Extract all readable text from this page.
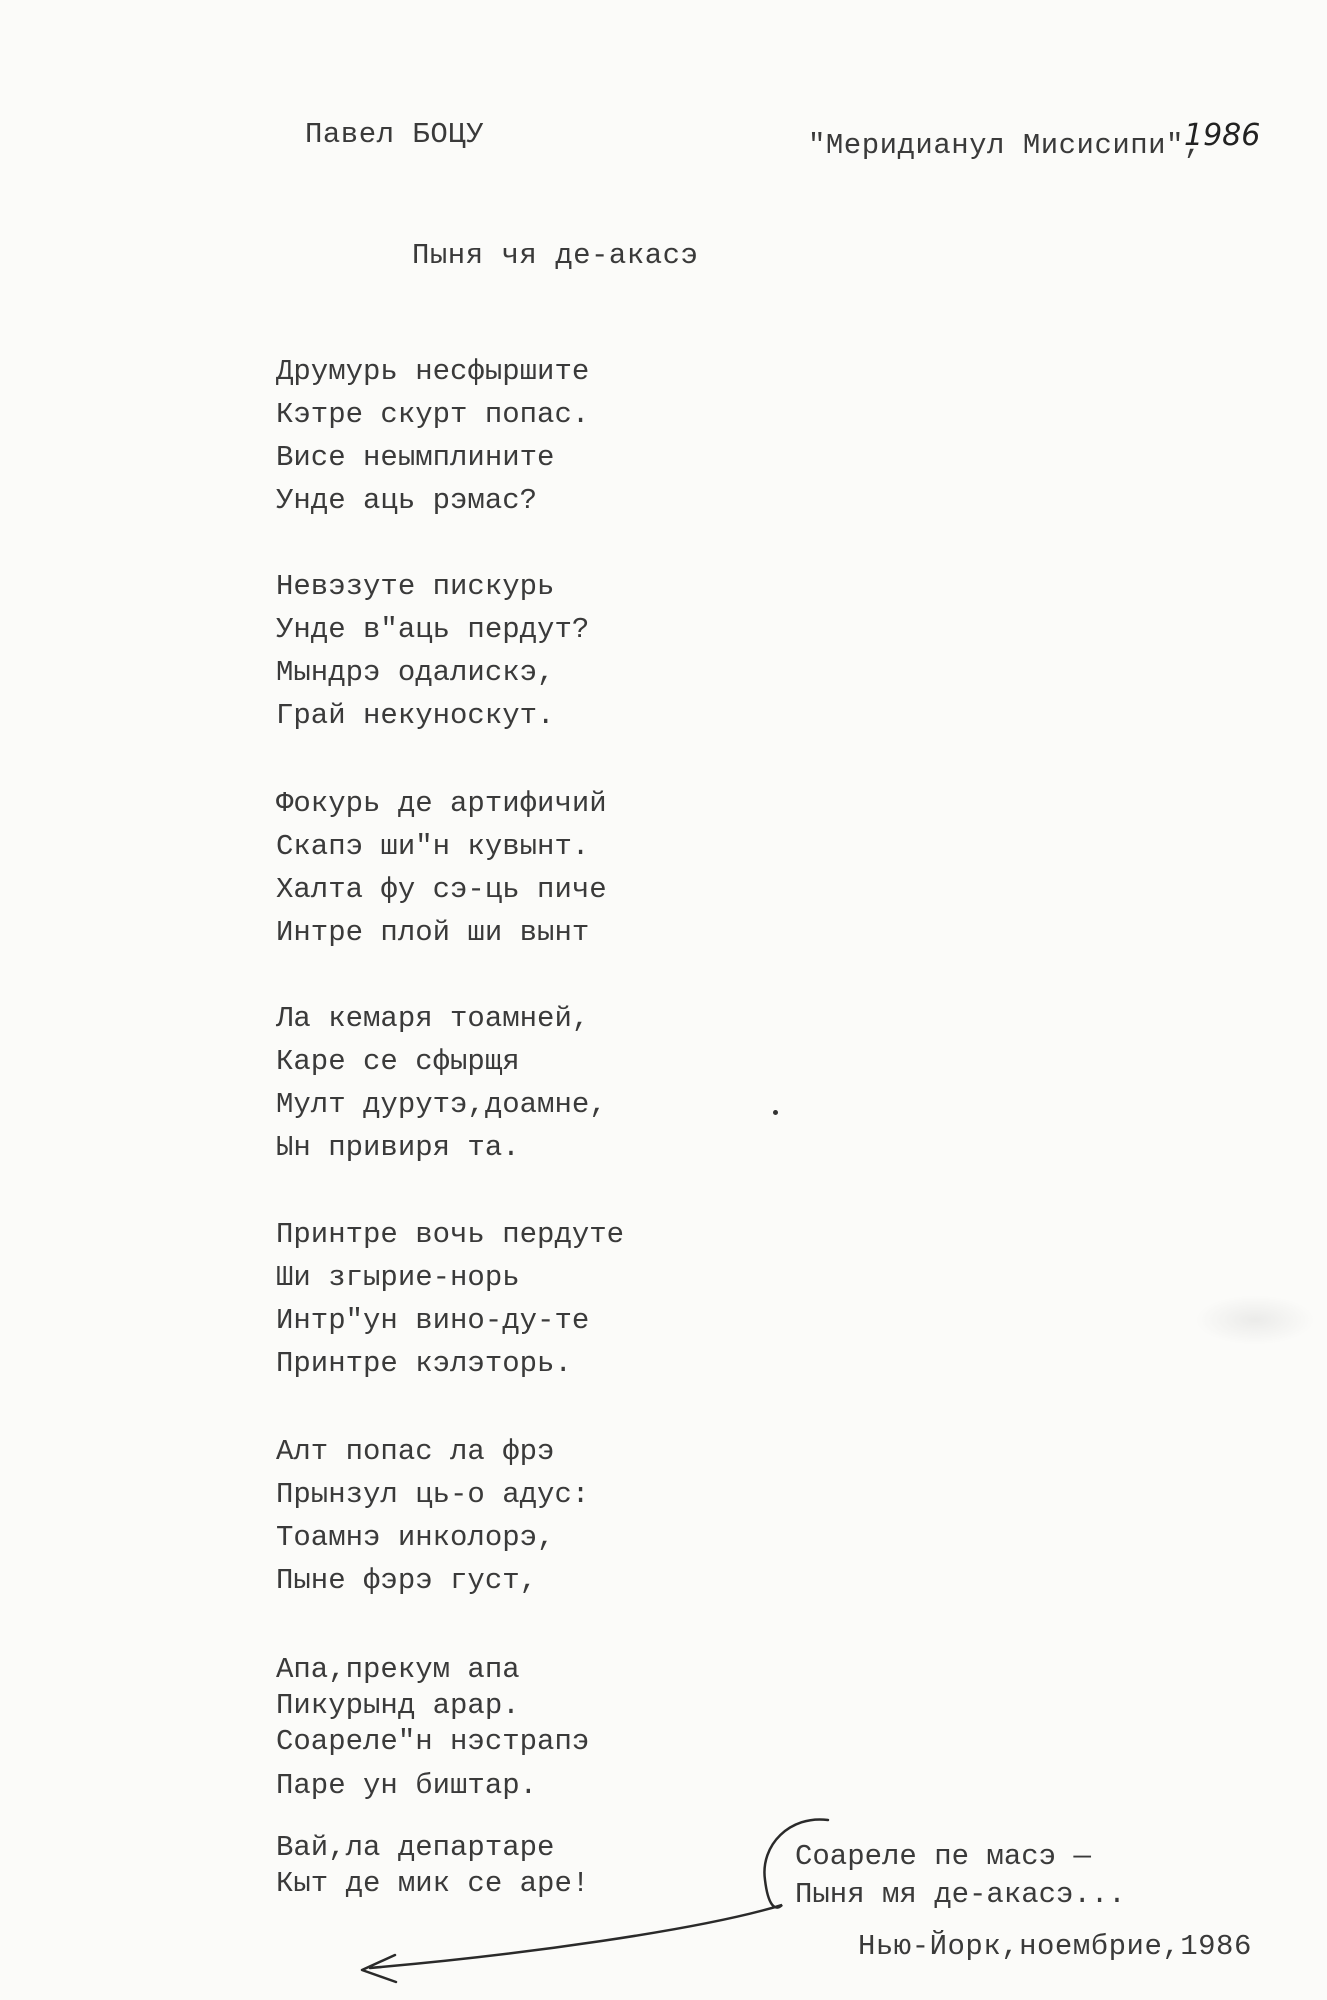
Павел БОЦУ	"Меридианул Мисисипи",
1986
Пыня чя де-акасэ
Друмурь несфыршите
Кэтре скурт попас.
Висе неымплините
Унде аць рэмас?
Невэзуте пискурь
Унде в"аць пердут?
Мындрэ одалискэ,
Грай некуноскут.
Фокурь де артифичий
Скапэ ши"н кувынт.
Халта фу сэ-ць пиче
Интре плой ши вынт
Ла кемаря тоамней,
Каре се сфырщя
Мулт дурутэ,доамне,
Ын привиря та.
Принтре вочь пердуте
Ши згырие-норь
Интр"ун вино-ду-те
Принтре кэлэторь.
Алт попас ла фрэ
Прынзул ць-о адус:
Тоамнэ инколорэ,
Пыне фэрэ густ,
Апа,прекум апа
Пикурынд арар.
Соареле"н нэстрапэ
Паре ун биштар.
Вай,ла департаре
Кыт де мик се аре!
Соареле пе масэ —
Пыня мя де-акасэ...
Нью-Йорк,ноембрие,1986
